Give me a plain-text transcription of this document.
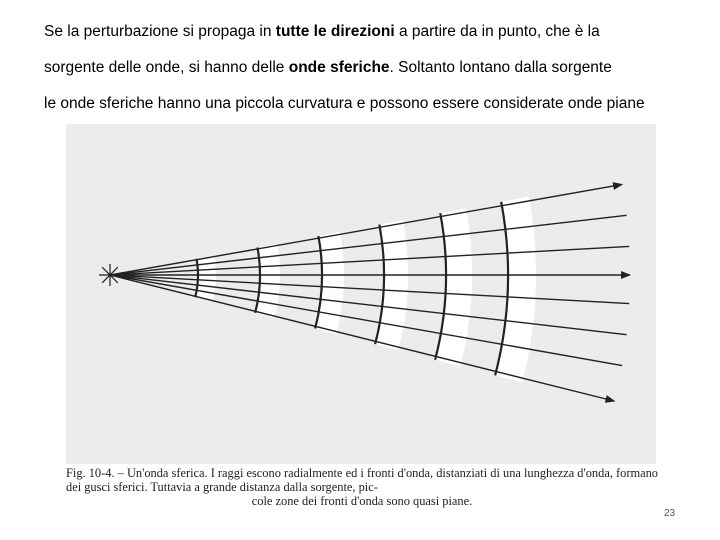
Se la perturbazione si propaga in tutte le direzioni a partire da in punto, che è la

sorgente delle onde, si hanno delle onde sferiche. Soltanto lontano dalla sorgente

le onde sferiche hanno una piccola curvatura e possono essere considerate onde piane

Fig. 10-4. – Un'onda sferica. I raggi escono radialmente ed i fronti d'onda, distanziati di una lunghezza d'onda, formano dei gusci sferici. Tuttavia a grande distanza dalla sorgente, pic-
cole zone dei fronti d'onda sono quasi piane.
23
